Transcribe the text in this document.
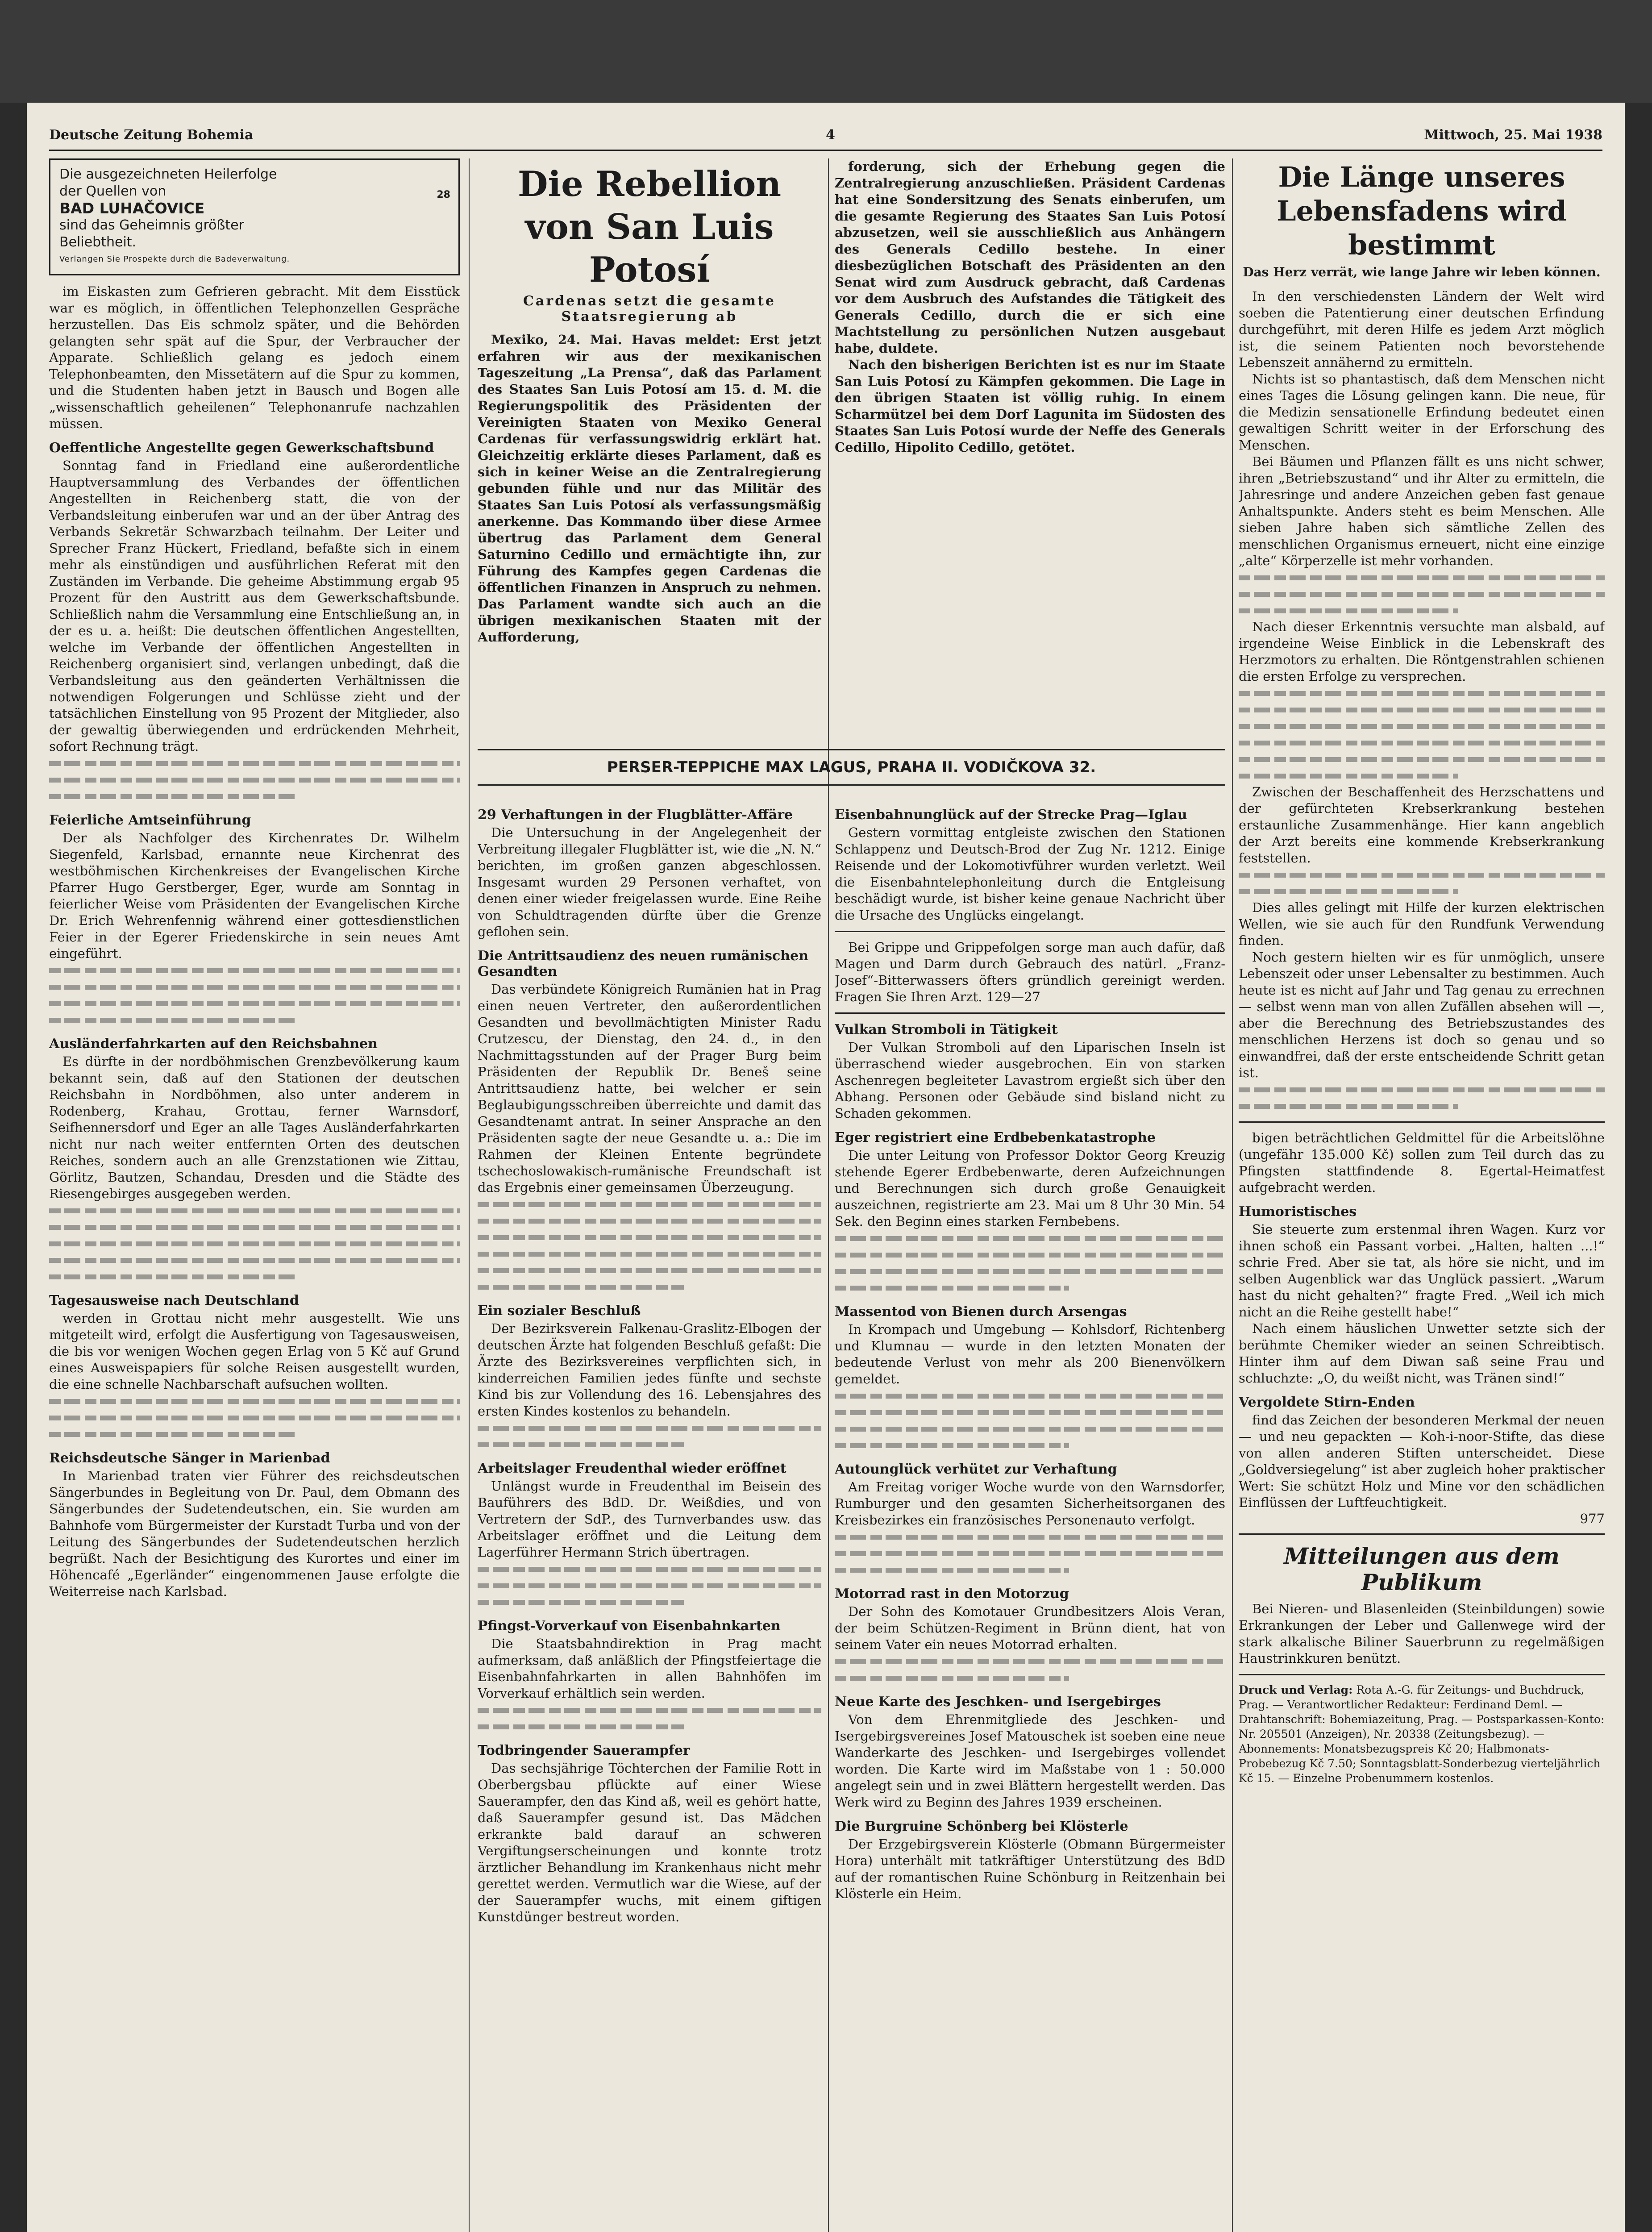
Deutsche Zeitung Bohemia	4	Mittwoch, 25. Mai 1938
Die ausgezeichneten Heilerfolge
der Quellen von
BAD LUHAČOVICE
sind das Geheimnis größter
Beliebtheit.
Verlangen Sie Prospekte durch die Badeverwaltung.
28

im Eiskasten zum Gefrieren gebracht. Mit dem Eisstück war es möglich, in öffentlichen Telephonzellen Gespräche herzustellen. Das Eis schmolz später, und die Behörden gelangten sehr spät auf die Spur, der Verbraucher der Apparate. Schließlich gelang es jedoch einem Telephonbeamten, den Missetätern auf die Spur zu kommen, und die Studenten haben jetzt in Bausch und Bogen alle „wissenschaftlich geheilenen“ Telephonanrufe nachzahlen müssen.

Oeffentliche Angestellte gegen Gewerkschaftsbund

Sonntag fand in Friedland eine außerordentliche Hauptversammlung des Verbandes der öffentlichen Angestellten in Reichenberg statt, die von der Verbandsleitung einberufen war und an der über Antrag des Verbands Sekretär Schwarzbach teilnahm. Der Leiter und Sprecher Franz Hückert, Friedland, befaßte sich in einem mehr als einstündigen und ausführlichen Referat mit den Zuständen im Verbande. Die geheime Abstimmung ergab 95 Prozent für den Austritt aus dem Gewerkschaftsbunde. Schließlich nahm die Versammlung eine Entschließung an, in der es u. a. heißt: Die deutschen öffentlichen Angestellten, welche im Verbande der öffentlichen Angestellten in Reichenberg organisiert sind, verlangen unbedingt, daß die Verbandsleitung aus den geänderten Verhältnissen die notwendigen Folgerungen und Schlüsse zieht und der tatsächlichen Einstellung von 95 Prozent der Mitglieder, also der gewaltig überwiegenden und erdrückenden Mehrheit, sofort Rechnung trägt.

Feierliche Amtseinführung

Der als Nachfolger des Kirchenrates Dr. Wilhelm Siegenfeld, Karlsbad, ernannte neue Kirchenrat des westböhmischen Kirchenkreises der Evangelischen Kirche Pfarrer Hugo Gerstberger, Eger, wurde am Sonntag in feierlicher Weise vom Präsidenten der Evangelischen Kirche Dr. Erich Wehrenfennig während einer gottesdienstlichen Feier in der Egerer Friedenskirche in sein neues Amt eingeführt.

Ausländerfahrkarten auf den Reichsbahnen

Es dürfte in der nordböhmischen Grenzbevölkerung kaum bekannt sein, daß auf den Stationen der deutschen Reichsbahn in Nordböhmen, also unter anderem in Rodenberg, Krahau, Grottau, ferner Warnsdorf, Seifhennersdorf und Eger an alle Tages Ausländerfahrkarten nicht nur nach weiter entfernten Orten des deutschen Reiches, sondern auch an alle Grenzstationen wie Zittau, Görlitz, Bautzen, Schandau, Dresden und die Städte des Riesengebirges ausgegeben werden.

Tagesausweise nach Deutschland

werden in Grottau nicht mehr ausgestellt. Wie uns mitgeteilt wird, erfolgt die Ausfertigung von Tagesausweisen, die bis vor wenigen Wochen gegen Erlag von 5 Kč auf Grund eines Ausweispapiers für solche Reisen ausgestellt wurden, die eine schnelle Nachbarschaft aufsuchen wollten.

Reichsdeutsche Sänger in Marienbad

In Marienbad traten vier Führer des reichsdeutschen Sängerbundes in Begleitung von Dr. Paul, dem Obmann des Sängerbundes der Sudetendeutschen, ein. Sie wurden am Bahnhofe vom Bürgermeister der Kurstadt Turba und von der Leitung des Sängerbundes der Sudetendeutschen herzlich begrüßt. Nach der Besichtigung des Kurortes und einer im Höhencafé „Egerländer“ eingenommenen Jause erfolgte die Weiterreise nach Karlsbad.

Die Rebellion von San Luis Potosí
Cardenas setzt die gesamte Staatsregierung ab

Mexiko, 24. Mai. Havas meldet: Erst jetzt erfahren wir aus der mexikanischen Tageszeitung „La Prensa“, daß das Parlament des Staates San Luis Potosí am 15. d. M. die Regierungspolitik des Präsidenten der Vereinigten Staaten von Mexiko General Cardenas für verfassungswidrig erklärt hat. Gleichzeitig erklärte dieses Parlament, daß es sich in keiner Weise an die Zentralregierung gebunden fühle und nur das Militär des Staates San Luis Potosí als verfassungsmäßig anerkenne. Das Kommando über diese Armee übertrug das Parlament dem General Saturnino Cedillo und ermächtigte ihn, zur Führung des Kampfes gegen Cardenas die öffentlichen Finanzen in Anspruch zu nehmen. Das Parlament wandte sich auch an die übrigen mexikanischen Staaten mit der Aufforderung,

forderung, sich der Erhebung gegen die Zentralregierung anzuschließen. Präsident Cardenas hat eine Sondersitzung des Senats einberufen, um die gesamte Regierung des Staates San Luis Potosí abzusetzen, weil sie ausschließlich aus Anhängern des Generals Cedillo bestehe. In einer diesbezüglichen Botschaft des Präsidenten an den Senat wird zum Ausdruck gebracht, daß Cardenas vor dem Ausbruch des Aufstandes die Tätigkeit des Generals Cedillo, durch die er sich eine Machtstellung zu persönlichen Nutzen ausgebaut habe, duldete.

Nach den bisherigen Berichten ist es nur im Staate San Luis Potosí zu Kämpfen gekommen. Die Lage in den übrigen Staaten ist völlig ruhig. In einem Scharmützel bei dem Dorf Lagunita im Südosten des Staates San Luis Potosí wurde der Neffe des Generals Cedillo, Hipolito Cedillo, getötet.

PERSER-TEPPICHE MAX LAGUS, PRAHA II. VODIČKOVA 32.
29 Verhaftungen in der Flugblätter-Affäre

Die Untersuchung in der Angelegenheit der Verbreitung illegaler Flugblätter ist, wie die „N. N.“ berichten, im großen ganzen abgeschlossen. Insgesamt wurden 29 Personen verhaftet, von denen einer wieder freigelassen wurde. Eine Reihe von Schuldtragenden dürfte über die Grenze geflohen sein.

Die Antrittsaudienz des neuen rumänischen Gesandten

Das verbündete Königreich Rumänien hat in Prag einen neuen Vertreter, den außerordentlichen Gesandten und bevollmächtigten Minister Radu Crutzescu, der Dienstag, den 24. d., in den Nachmittagsstunden auf der Prager Burg beim Präsidenten der Republik Dr. Beneš seine Antrittsaudienz hatte, bei welcher er sein Beglaubigungsschreiben überreichte und damit das Gesandtenamt antrat. In seiner Ansprache an den Präsidenten sagte der neue Gesandte u. a.: Die im Rahmen der Kleinen Entente begründete tschechoslowakisch-rumänische Freundschaft ist das Ergebnis einer gemeinsamen Überzeugung.

Ein sozialer Beschluß

Der Bezirksverein Falkenau-Graslitz-Elbogen der deutschen Ärzte hat folgenden Beschluß gefaßt: Die Ärzte des Bezirksvereines verpflichten sich, in kinderreichen Familien jedes fünfte und sechste Kind bis zur Vollendung des 16. Lebensjahres des ersten Kindes kostenlos zu behandeln.

Arbeitslager Freudenthal wieder eröffnet

Unlängst wurde in Freudenthal im Beisein des Bauführers des BdD. Dr. Weißdies, und von Vertretern der SdP., des Turnverbandes usw. das Arbeitslager eröffnet und die Leitung dem Lagerführer Hermann Strich übertragen.

Pfingst-Vorverkauf von Eisenbahnkarten

Die Staatsbahndirektion in Prag macht aufmerksam, daß anläßlich der Pfingstfeiertage die Eisenbahnfahrkarten in allen Bahnhöfen im Vorverkauf erhältlich sein werden.

Todbringender Sauerampfer

Das sechsjährige Töchterchen der Familie Rott in Oberbergsbau pflückte auf einer Wiese Sauerampfer, den das Kind aß, weil es gehört hatte, daß Sauerampfer gesund ist. Das Mädchen erkrankte bald darauf an schweren Vergiftungserscheinungen und konnte trotz ärztlicher Behandlung im Krankenhaus nicht mehr gerettet werden. Vermutlich war die Wiese, auf der der Sauerampfer wuchs, mit einem giftigen Kunstdünger bestreut worden.

Eisenbahnunglück auf der Strecke Prag—Iglau

Gestern vormittag entgleiste zwischen den Stationen Schlappenz und Deutsch-Brod der Zug Nr. 1212. Einige Reisende und der Lokomotivführer wurden verletzt. Weil die Eisenbahntelephonleitung durch die Entgleisung beschädigt wurde, ist bisher keine genaue Nachricht über die Ursache des Unglücks eingelangt.

Bei Grippe und Grippefolgen sorge man auch dafür, daß Magen und Darm durch Gebrauch des natürl. „Franz-Josef“-Bitterwassers öfters gründlich gereinigt werden. Fragen Sie Ihren Arzt. 129—27

Vulkan Stromboli in Tätigkeit

Der Vulkan Stromboli auf den Liparischen Inseln ist überraschend wieder ausgebrochen. Ein von starken Aschenregen begleiteter Lavastrom ergießt sich über den Abhang. Personen oder Gebäude sind bisland nicht zu Schaden gekommen.

Eger registriert eine Erdbebenkatastrophe

Die unter Leitung von Professor Doktor Georg Kreuzig stehende Egerer Erdbebenwarte, deren Aufzeichnungen und Berechnungen sich durch große Genauigkeit auszeichnen, registrierte am 23. Mai um 8 Uhr 30 Min. 54 Sek. den Beginn eines starken Fernbebens.

Massentod von Bienen durch Arsengas

In Krompach und Umgebung — Kohlsdorf, Richtenberg und Klumnau — wurde in den letzten Monaten der bedeutende Verlust von mehr als 200 Bienenvölkern gemeldet.

Autounglück verhütet zur Verhaftung

Am Freitag voriger Woche wurde von den Warnsdorfer, Rumburger und den gesamten Sicherheitsorganen des Kreisbezirkes ein französisches Personenauto verfolgt.

Motorrad rast in den Motorzug

Der Sohn des Komotauer Grundbesitzers Alois Veran, der beim Schützen-Regiment in Brünn dient, hat von seinem Vater ein neues Motorrad erhalten.

Neue Karte des Jeschken- und Isergebirges

Von dem Ehrenmitgliede des Jeschken- und Isergebirgsvereines Josef Matouschek ist soeben eine neue Wanderkarte des Jeschken- und Isergebirges vollendet worden. Die Karte wird im Maßstabe von 1 : 50.000 angelegt sein und in zwei Blättern hergestellt werden. Das Werk wird zu Beginn des Jahres 1939 erscheinen.

Die Burgruine Schönberg bei Klösterle

Der Erzgebirgsverein Klösterle (Obmann Bürgermeister Hora) unterhält mit tatkräftiger Unterstützung des BdD auf der romantischen Ruine Schönburg in Reitzenhain bei Klösterle ein Heim.

Die Länge unseres Lebensfadens wird bestimmt
Das Herz verrät, wie lange Jahre wir leben können.

In den verschiedensten Ländern der Welt wird soeben die Patentierung einer deutschen Erfindung durchgeführt, mit deren Hilfe es jedem Arzt möglich ist, die seinem Patienten noch bevorstehende Lebenszeit annähernd zu ermitteln.

Nichts ist so phantastisch, daß dem Menschen nicht eines Tages die Lösung gelingen kann. Die neue, für die Medizin sensationelle Erfindung bedeutet einen gewaltigen Schritt weiter in der Erforschung des Menschen.

Bei Bäumen und Pflanzen fällt es uns nicht schwer, ihren „Betriebszustand“ und ihr Alter zu ermitteln, die Jahresringe und andere Anzeichen geben fast genaue Anhaltspunkte. Anders steht es beim Menschen. Alle sieben Jahre haben sich sämtliche Zellen des menschlichen Organismus erneuert, nicht eine einzige „alte“ Körperzelle ist mehr vorhanden.

Nach dieser Erkenntnis versuchte man alsbald, auf irgendeine Weise Einblick in die Lebenskraft des Herzmotors zu erhalten. Die Röntgenstrahlen schienen die ersten Erfolge zu versprechen.

Zwischen der Beschaffenheit des Herzschattens und der gefürchteten Krebserkrankung bestehen erstaunliche Zusammenhänge. Hier kann angeblich der Arzt bereits eine kommende Krebserkrankung feststellen.

Dies alles gelingt mit Hilfe der kurzen elektrischen Wellen, wie sie auch für den Rundfunk Verwendung finden.

Noch gestern hielten wir es für unmöglich, unsere Lebenszeit oder unser Lebensalter zu bestimmen. Auch heute ist es nicht auf Jahr und Tag genau zu errechnen — selbst wenn man von allen Zufällen absehen will —, aber die Berechnung des Betriebszustandes des menschlichen Herzens ist doch so genau und so einwandfrei, daß der erste entscheidende Schritt getan ist.

bigen beträchtlichen Geldmittel für die Arbeitslöhne (ungefähr 135.000 Kč) sollen zum Teil durch das zu Pfingsten stattfindende 8. Egertal-Heimatfest aufgebracht werden.

Humoristisches

Sie steuerte zum erstenmal ihren Wagen. Kurz vor ihnen schoß ein Passant vorbei. „Halten, halten ...!“ schrie Fred. Aber sie tat, als höre sie nicht, und im selben Augenblick war das Unglück passiert. „Warum hast du nicht gehalten?“ fragte Fred. „Weil ich mich nicht an die Reihe gestellt habe!“

Nach einem häuslichen Unwetter setzte sich der berühmte Chemiker wieder an seinen Schreibtisch. Hinter ihm auf dem Diwan saß seine Frau und schluchzte: „O, du weißt nicht, was Tränen sind!“

Vergoldete Stirn-Enden

find das Zeichen der besonderen Merkmal der neuen — und neu gepackten — Koh-i-noor-Stifte, das diese von allen anderen Stiften unterscheidet. Diese „Goldversiegelung“ ist aber zugleich hoher praktischer Wert: Sie schützt Holz und Mine vor den schädlichen Einflüssen der Luftfeuchtigkeit.

977
Mitteilungen aus dem Publikum

Bei Nieren- und Blasenleiden (Steinbildungen) sowie Erkrankungen der Leber und Gallenwege wird der stark alkalische Biliner Sauerbrunn zu regelmäßigen Haustrinkkuren benützt.

Druck und Verlag: Rota A.-G. für Zeitungs- und Buchdruck, Prag. — Verantwortlicher Redakteur: Ferdinand Deml. — Drahtanschrift: Bohemiazeitung, Prag. — Postsparkassen-Konto: Nr. 205501 (Anzeigen), Nr. 20338 (Zeitungsbezug). — Abonnements: Monatsbezugspreis Kč 20; Halbmonats-Probebezug Kč 7.50; Sonntagsblatt-Sonderbezug vierteljährlich Kč 15. — Einzelne Probenummern kostenlos.
